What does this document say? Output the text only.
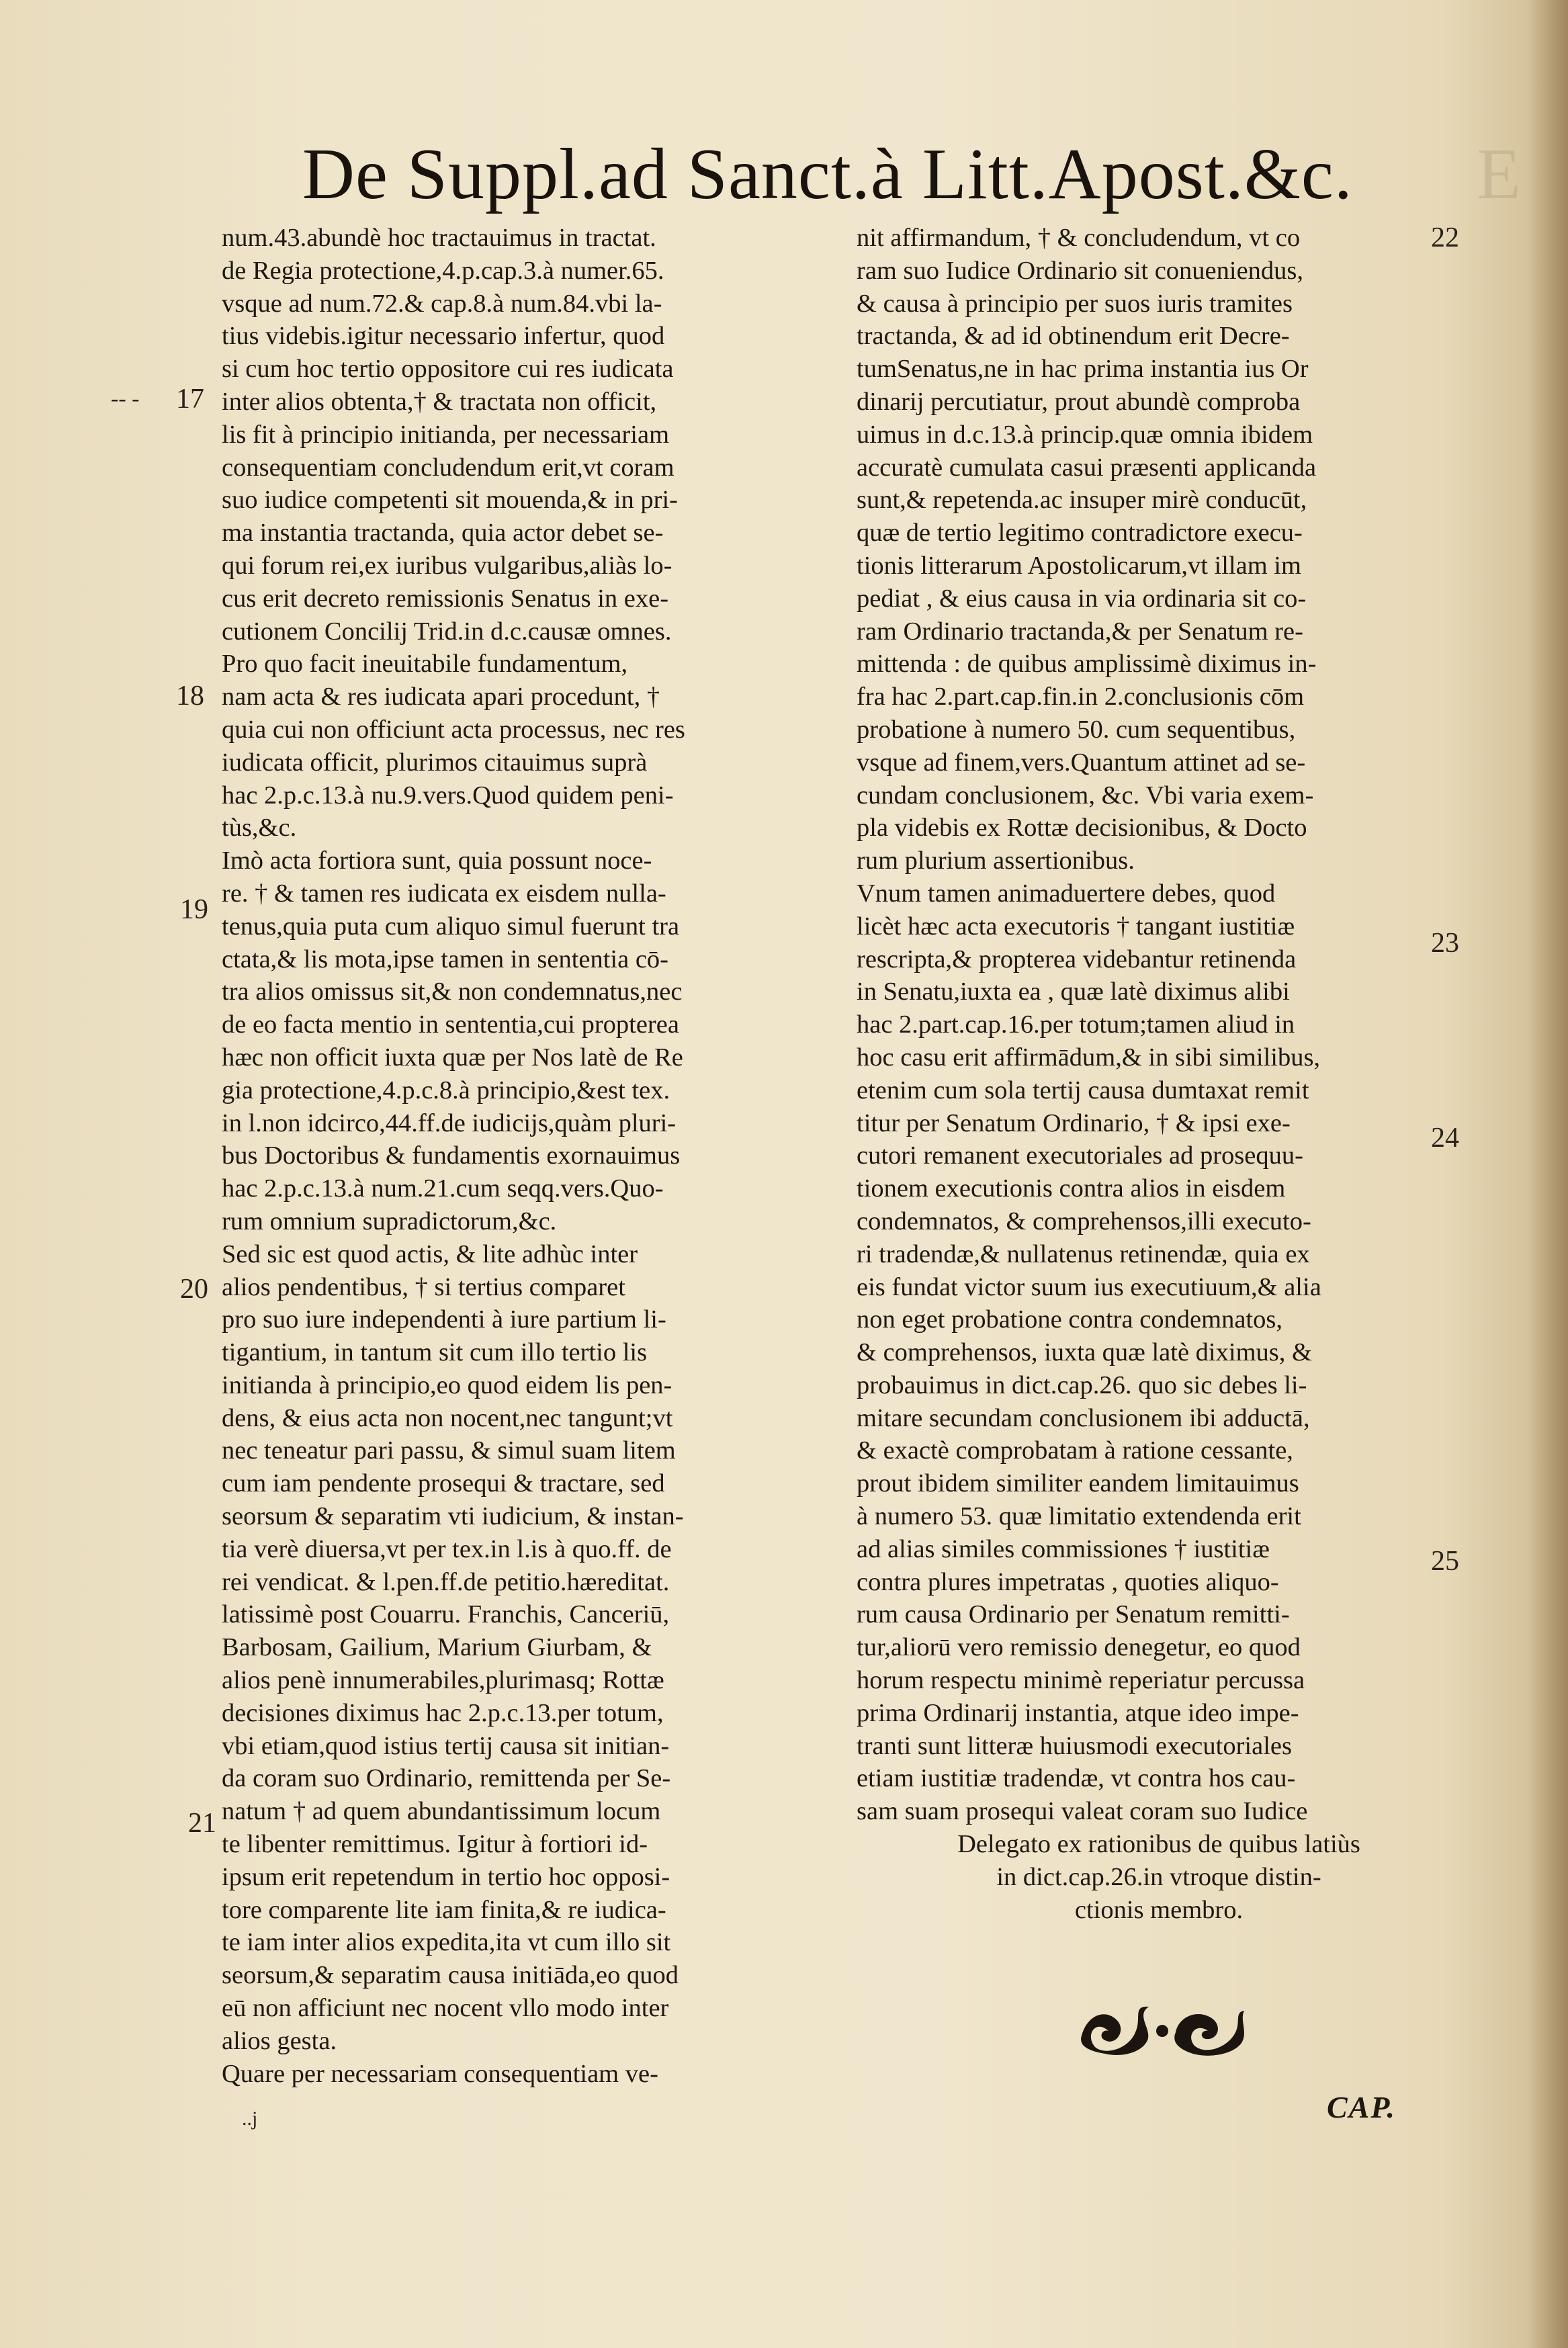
De Suppl.ad Sanct.à Litt.Apost.&c. E
num.43.abundè hoc tractauimus in tractat.
de Regia protectione,4.p.cap.3.à numer.65.
vsque ad num.72.& cap.8.à num.84.vbi la-
tius videbis.igitur necessario infertur, quod
si cum hoc tertio oppositore cui res iudicata
inter alios obtenta,† & tractata non officit,
lis fit à principio initianda, per necessariam
consequentiam concludendum erit,vt coram
suo iudice competenti sit mouenda,& in pri-
ma instantia tractanda, quia actor debet se-
qui forum rei,ex iuribus vulgaribus,aliàs lo-
cus erit decreto remissionis Senatus in exe-
cutionem Concilij Trid.in d.c.causæ omnes.
Pro quo facit ineuitabile fundamentum,
nam acta & res iudicata apari procedunt, †
quia cui non officiunt acta processus, nec res
iudicata officit, plurimos citauimus suprà
hac 2.p.c.13.à nu.9.vers.Quod quidem peni-
tùs,&c.
Imò acta fortiora sunt, quia possunt noce-
re. † & tamen res iudicata ex eisdem nulla-
tenus,quia puta cum aliquo simul fuerunt tra
ctata,& lis mota,ipse tamen in sententia cō-
tra alios omissus sit,& non condemnatus,nec
de eo facta mentio in sententia,cui propterea
hæc non officit iuxta quæ per Nos latè de Re
gia protectione,4.p.c.8.à principio,&est tex.
in l.non idcirco,44.ff.de iudicijs,quàm pluri-
bus Doctoribus & fundamentis exornauimus
hac 2.p.c.13.à num.21.cum seqq.vers.Quo-
rum omnium supradictorum,&c.
Sed sic est quod actis, & lite adhùc inter
alios pendentibus, † si tertius comparet
pro suo iure independenti à iure partium li-
tigantium, in tantum sit cum illo tertio lis
initianda à principio,eo quod eidem lis pen-
dens, & eius acta non nocent,nec tangunt;vt
nec teneatur pari passu, & simul suam litem
cum iam pendente prosequi & tractare, sed
seorsum & separatim vti iudicium, & instan-
tia verè diuersa,vt per tex.in l.is à quo.ff. de
rei vendicat. & l.pen.ff.de petitio.hæreditat.
latissimè post Couarru. Franchis, Canceriū,
Barbosam, Gailium, Marium Giurbam, &
alios penè innumerabiles,plurimasq; Rottæ
decisiones diximus hac 2.p.c.13.per totum,
vbi etiam,quod istius tertij causa sit initian-
da coram suo Ordinario, remittenda per Se-
natum † ad quem abundantissimum locum
te libenter remittimus. Igitur à fortiori id-
ipsum erit repetendum in tertio hoc opposi-
tore comparente lite iam finita,& re iudica-
te iam inter alios expedita,ita vt cum illo sit
seorsum,& separatim causa initiāda,eo quod
eū non afficiunt nec nocent vllo modo inter
alios gesta.
Quare per necessariam consequentiam ve-
nit affirmandum, † & concludendum, vt co
ram suo Iudice Ordinario sit conueniendus,
& causa à principio per suos iuris tramites
tractanda, & ad id obtinendum erit Decre-
tumSenatus,ne in hac prima instantia ius Or
dinarij percutiatur, prout abundè comproba
uimus in d.c.13.à princip.quæ omnia ibidem
accuratè cumulata casui præsenti applicanda
sunt,& repetenda.ac insuper mirè conducūt,
quæ de tertio legitimo contradictore execu-
tionis litterarum Apostolicarum,vt illam im
pediat , & eius causa in via ordinaria sit co-
ram Ordinario tractanda,& per Senatum re-
mittenda : de quibus amplissimè diximus in-
fra hac 2.part.cap.fin.in 2.conclusionis cōm
probatione à numero 50. cum sequentibus,
vsque ad finem,vers.Quantum attinet ad se-
cundam conclusionem, &c. Vbi varia exem-
pla videbis ex Rottæ decisionibus, & Docto
rum plurium assertionibus.
Vnum tamen animaduertere debes, quod
licèt hæc acta executoris † tangant iustitiæ
rescripta,& propterea videbantur retinenda
in Senatu,iuxta ea , quæ latè diximus alibi
hac 2.part.cap.16.per totum;tamen aliud in
hoc casu erit affirmādum,& in sibi similibus,
etenim cum sola tertij causa dumtaxat remit
titur per Senatum Ordinario, † & ipsi exe-
cutori remanent executoriales ad prosequu-
tionem executionis contra alios in eisdem
condemnatos, & comprehensos,illi executo-
ri tradendæ,& nullatenus retinendæ, quia ex
eis fundat victor suum ius executiuum,& alia
non eget probatione contra condemnatos,
& comprehensos, iuxta quæ latè diximus, &
probauimus in dict.cap.26. quo sic debes li-
mitare secundam conclusionem ibi adductā,
& exactè comprobatam à ratione cessante,
prout ibidem similiter eandem limitauimus
à numero 53. quæ limitatio extendenda erit
ad alias similes commissiones † iustitiæ
contra plures impetratas , quoties aliquo-
rum causa Ordinario per Senatum remitti-
tur,aliorū vero remissio denegetur, eo quod
horum respectu minimè reperiatur percussa
prima Ordinarij instantia, atque ideo impe-
tranti sunt litteræ huiusmodi executoriales
etiam iustitiæ tradendæ, vt contra hos cau-
sam suam prosequi valeat coram suo Iudice
Delegato ex rationibus de quibus latiùs
in dict.cap.26.in vtroque distin-
ctionis membro.
17
18
19
20
21
22
23
24
25
-- -
..j	CAP.
